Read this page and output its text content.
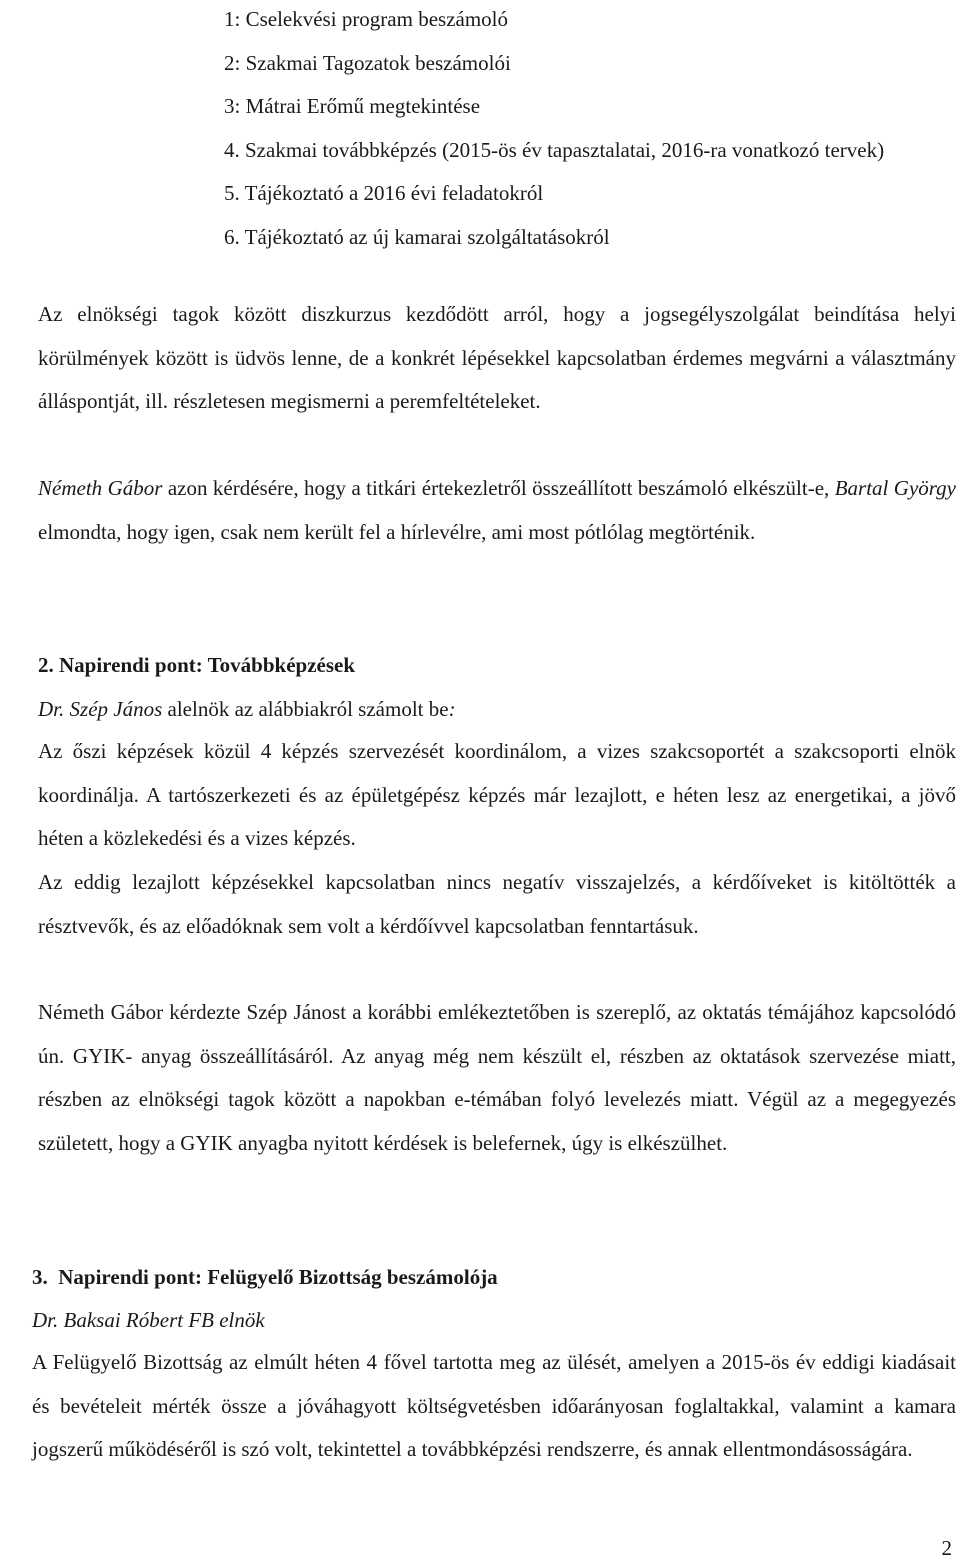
1: Cselekvési program beszámoló
2: Szakmai Tagozatok beszámolói
3: Mátrai Erőmű megtekintése
4. Szakmai továbbképzés (2015-ös év tapasztalatai, 2016-ra vonatkozó tervek)
5. Tájékoztató a 2016 évi feladatokról
6. Tájékoztató az új kamarai szolgáltatásokról

Az elnökségi tagok között diszkurzus kezdődött arról, hogy a jogsegélyszolgálat beindítása helyi körülmények között is üdvös lenne, de a konkrét lépésekkel kapcsolatban érdemes megvárni a választmány álláspontját, ill. részletesen megismerni a peremfeltételeket.

Németh Gábor azon kérdésére, hogy a titkári értekezletről összeállított beszámoló elkészült-e, Bartal György elmondta, hogy igen, csak nem került fel a hírlevélre, ami most pótlólag megtörténik.

2. Napirendi pont: Továbbképzések
Dr. Szép János alelnök az alábbiakról számolt be:

Az őszi képzések közül 4 képzés szervezését koordinálom, a vizes szakcsoportét a szakcsoporti elnök koordinálja. A tartószerkezeti és az épületgépész képzés már lezajlott, e héten lesz az energetikai, a jövő héten a közlekedési és a vizes képzés.

Az eddig lezajlott képzésekkel kapcsolatban nincs negatív visszajelzés, a kérdőíveket is kitöltötték a résztvevők, és az előadóknak sem volt a kérdőívvel kapcsolatban fenntartásuk.

Németh Gábor kérdezte Szép Jánost a korábbi emlékeztetőben is szereplő, az oktatás témájához kapcsolódó ún. GYIK- anyag összeállításáról. Az anyag még nem készült el, részben az oktatások szervezése miatt, részben az elnökségi tagok között a napokban e-témában folyó levelezés miatt. Végül az a megegyezés született, hogy a GYIK anyagba nyitott kérdések is belefernek, úgy is elkészülhet.

3. Napirendi pont: Felügyelő Bizottság beszámolója
Dr. Baksai Róbert FB elnök

A Felügyelő Bizottság az elmúlt héten 4 fővel tartotta meg az ülését, amelyen a 2015-ös év eddigi kiadásait és bevételeit mérték össze a jóváhagyott költségvetésben időarányosan foglaltakkal, valamint a kamara jogszerű működéséről is szó volt, tekintettel a továbbképzési rendszerre, és annak ellentmondásosságára.

2
